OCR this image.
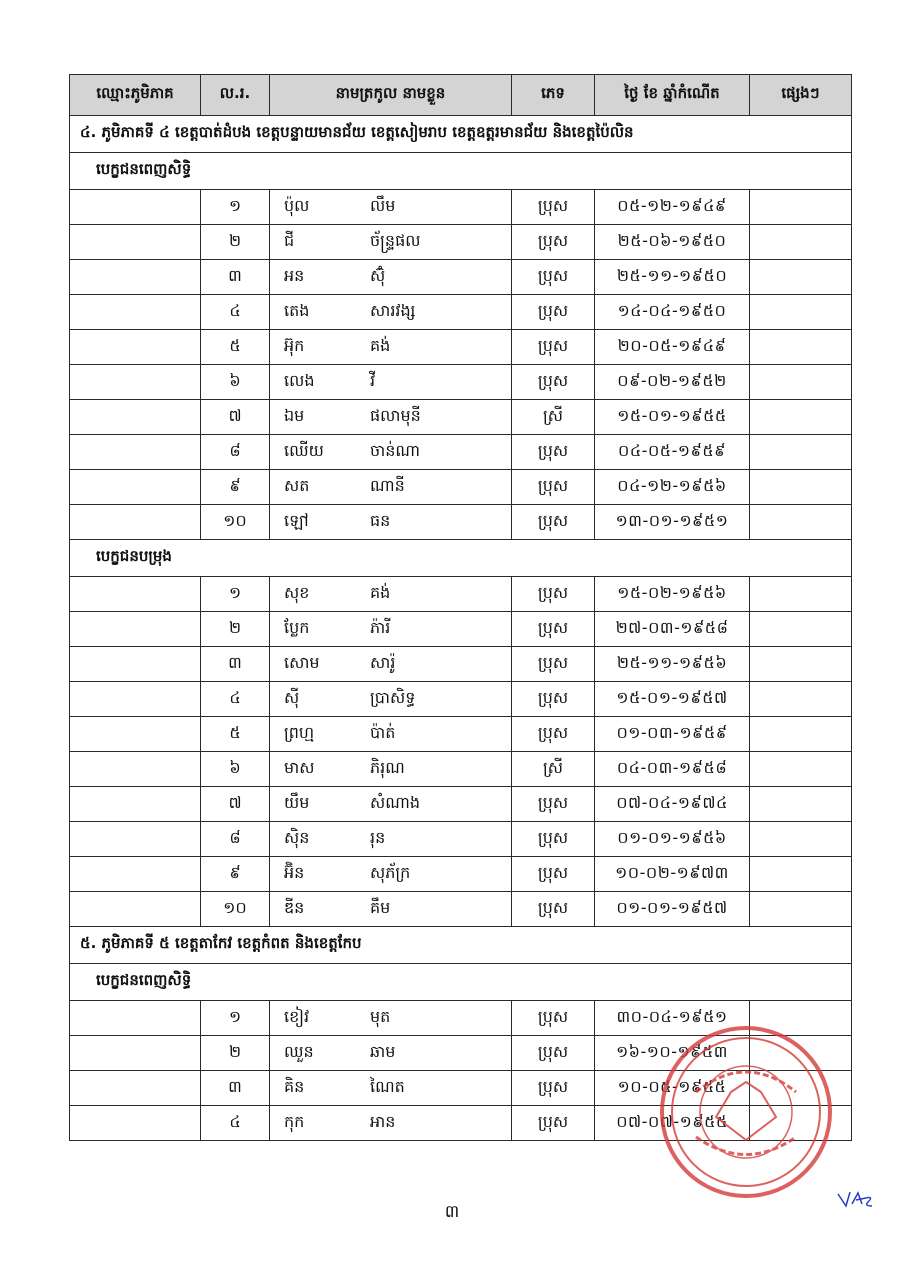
ឈ្មោះភូមិភាគ	ល.រ.	នាមត្រកូល នាមខ្លួន	ភេទ	ថ្ងៃ ខែ ឆ្នាំកំណើត	ផ្សេងៗ
៤. ភូមិភាគទី ៤ ខេត្តបាត់ដំបង ខេត្តបន្ទាយមានជ័យ ខេត្តសៀមរាប ខេត្តឧត្តរមានជ័យ និងខេត្តប៉ៃលិន					
បេក្ខជនពេញសិទ្ធិ					
	១	ប៉ុល លឹម	ប្រុស	០៥-១២-១៩៤៩	
	២	ជី ច័ន្ទ្រផល	ប្រុស	២៥-០៦-១៩៥០	
	៣	អន ស៊ុំ	ប្រុស	២៥-១១-១៩៥០	
	៤	តេង សារវង្ស	ប្រុស	១៤-០៤-១៩៥០	
	៥	អ៊ុក គង់	ប្រុស	២០-០៥-១៩៤៩	
	៦	លេង វី	ប្រុស	០៩-០២-១៩៥២	
	៧	ឯម ផលាមុនី	ស្រី	១៥-០១-១៩៥៥	
	៨	ឈើយ ចាន់ណា	ប្រុស	០៤-០៥-១៩៥៩	
	៩	សត ណានី	ប្រុស	០៤-១២-១៩៥៦	
	១០	ឡៅ ធន	ប្រុស	១៣-០១-១៩៥១	
បេក្ខជនបម្រុង					
	១	សុខ គង់	ប្រុស	១៥-០២-១៩៥៦	
	២	ប្លែក ភ៉ារី	ប្រុស	២៧-០៣-១៩៥៨	
	៣	សោម សារ៉ូ	ប្រុស	២៥-១១-១៩៥៦	
	៤	ស៊ី ប្រាសិទ្ធ	ប្រុស	១៥-០១-១៩៥៧	
	៥	ព្រហ្ម ប៉ាត់	ប្រុស	០១-០៣-១៩៥៩	
	៦	មាស ភិរុណ	ស្រី	០៤-០៣-១៩៥៨	
	៧	យឹម សំណាង	ប្រុស	០៧-០៤-១៩៧៤	
	៨	ស៊ិន រុន	ប្រុស	០១-០១-១៩៥៦	
	៩	អ៊ិន សុភ័ក្រ	ប្រុស	១០-០២-១៩៧៣	
	១០	ឌីន គឹម	ប្រុស	០១-០១-១៩៥៧	
៥. ភូមិភាគទី ៥ ខេត្តតាកែវ ខេត្តកំពត និងខេត្តកែប					
បេក្ខជនពេញសិទ្ធិ					
	១	ខៀវ មុត	ប្រុស	៣០-០៤-១៩៥១	
	២	ឈួន ឆាម	ប្រុស	១៦-១០-១៩៥៣	
	៣	គិន ណៃត	ប្រុស	១០-០៥-១៩៥៥	
	៤	កុក អាន	ប្រុស	០៧-០៧-១៩៥៥	
៣
